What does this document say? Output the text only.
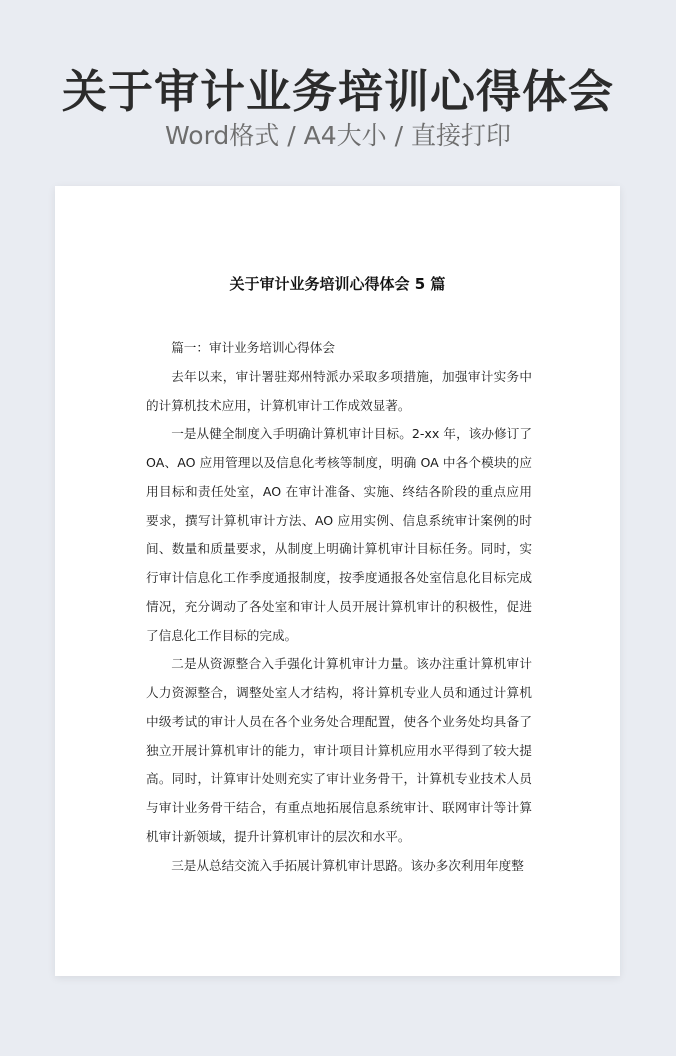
关于审计业务培训心得体会

Word格式 / A4大小 / 直接打印

关于审计业务培训心得体会 5 篇

篇一：审计业务培训心得体会

去年以来，审计署驻郑州特派办采取多项措施，加强审计实务中的计算机技术应用，计算机审计工作成效显著。

一是从健全制度入手明确计算机审计目标。2-xx 年，该办修订了 OA、AO 应用管理以及信息化考核等制度，明确 OA 中各个模块的应用目标和责任处室，AO 在审计准备、实施、终结各阶段的重点应用要求，撰写计算机审计方法、AO 应用实例、信息系统审计案例的时间、数量和质量要求，从制度上明确计算机审计目标任务。同时，实行审计信息化工作季度通报制度，按季度通报各处室信息化目标完成情况，充分调动了各处室和审计人员开展计算机审计的积极性，促进了信息化工作目标的完成。

二是从资源整合入手强化计算机审计力量。该办注重计算机审计人力资源整合，调整处室人才结构，将计算机专业人员和通过计算机中级考试的审计人员在各个业务处合理配置，使各个业务处均具备了独立开展计算机审计的能力，审计项目计算机应用水平得到了较大提高。同时，计算审计处则充实了审计业务骨干，计算机专业技术人员与审计业务骨干结合，有重点地拓展信息系统审计、联网审计等计算机审计新领域，提升计算机审计的层次和水平。

三是从总结交流入手拓展计算机审计思路。该办多次利用年度整
